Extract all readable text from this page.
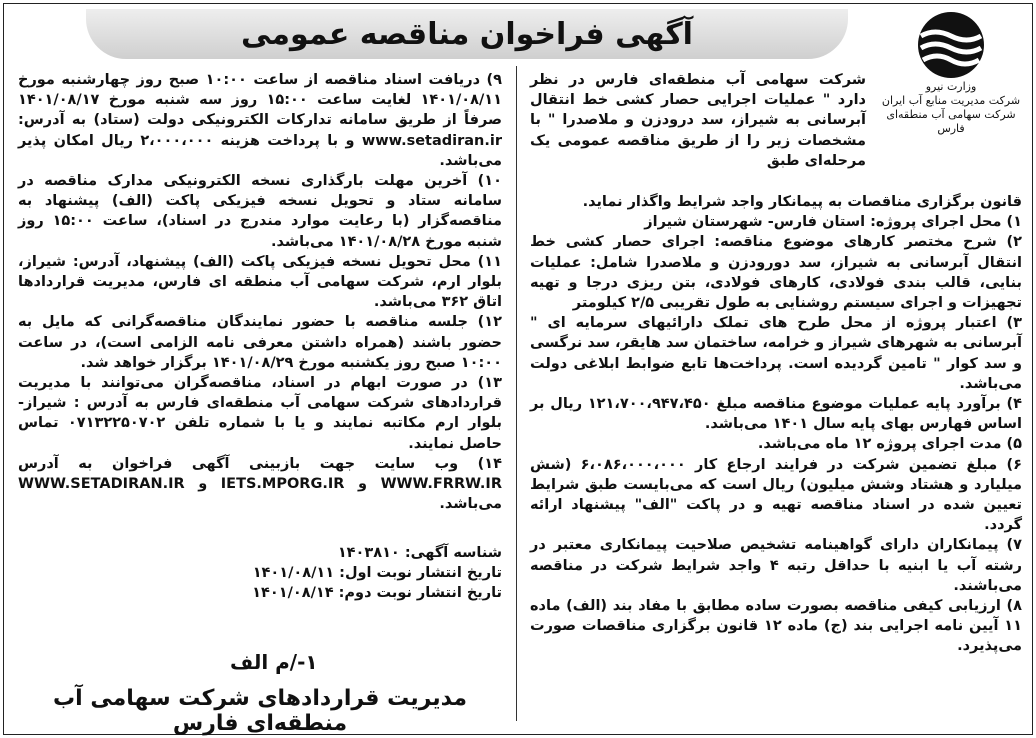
آگهی فراخوان مناقصه عمومی
وزارت نیرو
شرکت مدیریت منابع آب ایران
شرکت سهامی آب منطقه‌ای فارس

شرکت سهامی آب منطقه‌ای فارس در نظر دارد " عملیات اجرایی حصار کشی خط انتقال آبرسانی به شیراز، سد درودزن و ملاصدرا " با مشخصات زیر را از طریق مناقصه عمومی یک مرحله‌ای طبق

قانون برگزاری مناقصات به پیمانکار واجد شرایط واگذار نماید.

۱) محل اجرای پروژه: استان فارس- شهرستان شیراز

۲) شرح مختصر کارهای موضوع مناقصه: اجرای حصار کشی خط انتقال آبرسانی به شیراز، سد دورودزن و ملاصدرا شامل: عملیات بنایی، قالب بندی فولادی، کارهای فولادی، بتن ریزی درجا و تهیه تجهیزات و اجرای سیستم روشنایی به طول تقریبی ۲/۵ کیلومتر

۳) اعتبار پروژه از محل طرح های تملک دارائیهای سرمایه ای " آبرسانی به شهرهای شیراز و خرامه، ساختمان سد هایقر، سد نرگسی و سد کوار " تامین گردیده است. پرداخت‌ها تابع ضوابط ابلاغی دولت می‌باشد.

۴) برآورد پایه عملیات موضوع مناقصه مبلغ ۱۲۱،۷۰۰،۹۴۷،۴۵۰ ریال بر اساس فهارس بهای پایه سال ۱۴۰۱ می‌باشد.

۵) مدت اجرای پروژه ۱۲ ماه می‌باشد.

۶) مبلغ تضمین شرکت در فرایند ارجاع کار ۶،۰۸۶،۰۰۰،۰۰۰ (شش میلیارد و هشتاد وشش میلیون) ریال است که می‌بایست طبق شرایط تعیین شده در اسناد مناقصه تهیه و در پاکت "الف" پیشنهاد ارائه گردد.

۷) پیمانکاران دارای گواهینامه تشخیص صلاحیت پیمانکاری معتبر در رشته آب یا ابنیه با حداقل رتبه ۴ واجد شرایط شرکت در مناقصه می‌باشند.

۸) ارزیابی کیفی مناقصه بصورت ساده مطابق با مفاد بند (الف) ماده ۱۱ آیین نامه اجرایی بند (ج) ماده ۱۲ قانون برگزاری مناقصات صورت می‌پذیرد.

۹) دریافت اسناد مناقصه از ساعت ۱۰:۰۰ صبح روز چهارشنبه مورخ ۱۴۰۱/۰۸/۱۱ لغایت ساعت ۱۵:۰۰ روز سه شنبه مورخ ۱۴۰۱/۰۸/۱۷ صرفاً از طریق سامانه تدارکات الکترونیکی دولت (ستاد) به آدرس: www.setadiran.ir و با پرداخت هزینه ۲،۰۰۰،۰۰۰ ریال امکان پذیر می‌باشد.

۱۰) آخرین مهلت بارگذاری نسخه الکترونیکی مدارک مناقصه در سامانه ستاد و تحویل نسخه فیزیکی پاکت (الف) پیشنهاد به مناقصه‌گزار (با رعایت موارد مندرج در اسناد)، ساعت ۱۵:۰۰ روز شنبه مورخ ۱۴۰۱/۰۸/۲۸ می‌باشد.

۱۱) محل تحویل نسخه فیزیکی پاکت (الف) پیشنهاد، آدرس: شیراز، بلوار ارم، شرکت سهامی آب منطقه ای فارس، مدیریت قراردادها اتاق ۳۶۲ می‌باشد.

۱۲) جلسه مناقصه با حضور نمایندگان مناقصه‌گرانی که مایل به حضور باشند (همراه داشتن معرفی نامه الزامی است)، در ساعت ۱۰:۰۰ صبح روز یکشنبه مورخ ۱۴۰۱/۰۸/۲۹ برگزار خواهد شد.

۱۳) در صورت ابهام در اسناد، مناقصه‌گران می‌توانند با مدیریت قراردادهای شرکت سهامی آب منطقه‌ای فارس به آدرس : شیراز- بلوار ارم مکاتبه نمایند و یا با شماره تلفن ۰۷۱۳۲۲۵۰۷۰۲ تماس حاصل نمایند.

۱۴) وب سایت جهت بازبینی آگهی فراخوان به آدرس WWW.FRRW.IR و IETS.MPORG.IR و WWW.SETADIRAN.IR می‌باشد.

شناسه آگهی: ۱۴۰۳۸۱۰

تاریخ انتشار نوبت اول: ۱۴۰۱/۰۸/۱۱

تاریخ انتشار نوبت دوم: ۱۴۰۱/۰۸/۱۴

۱-/م الف
مدیریت قراردادهای شرکت سهامی آب منطقه‌ای فارس
